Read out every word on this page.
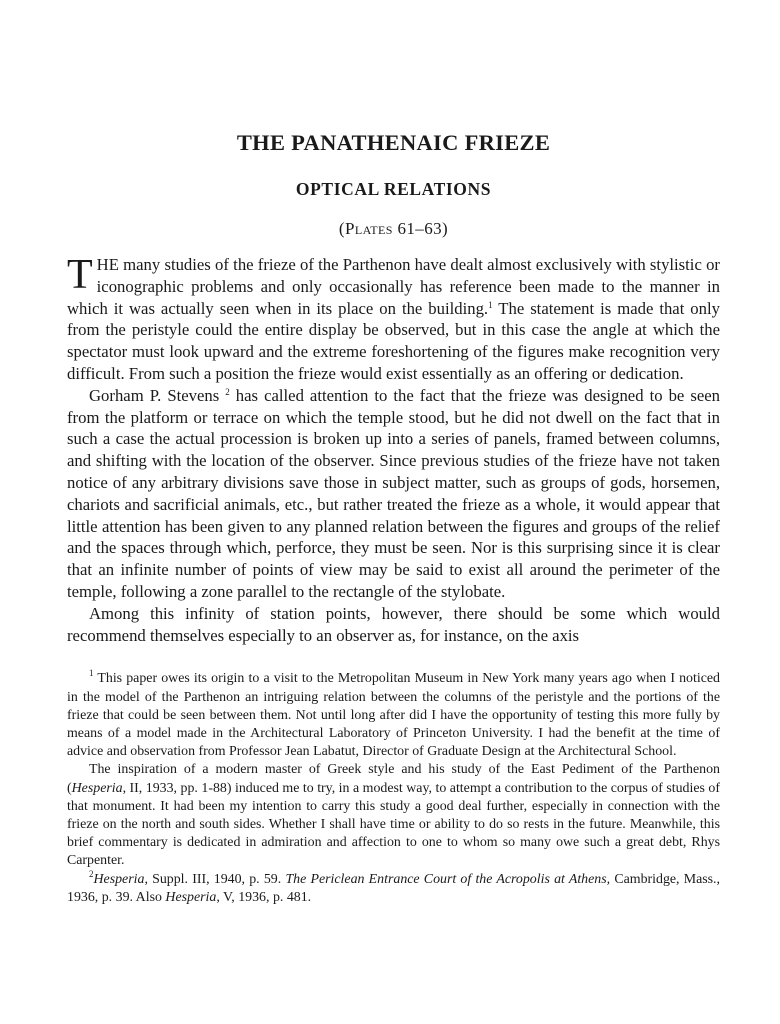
THE PANATHENAIC FRIEZE
OPTICAL RELATIONS
(Plates 61–63)

THE many studies of the frieze of the Parthenon have dealt almost exclusively with stylistic or iconographic problems and only occasionally has reference been made to the manner in which it was actually seen when in its place on the building.$^1$ The statement is made that only from the peristyle could the entire display be observed, but in this case the angle at which the spectator must look upward and the extreme foreshortening of the figures make recognition very difficult. From such a position the frieze would exist essentially as an offering or dedication.

Gorham P. Stevens $^2$ has called attention to the fact that the frieze was designed to be seen from the platform or terrace on which the temple stood, but he did not dwell on the fact that in such a case the actual procession is broken up into a series of panels, framed between columns, and shifting with the location of the observer. Since previous studies of the frieze have not taken notice of any arbitrary divisions save those in subject matter, such as groups of gods, horsemen, chariots and sacrificial animals, etc., but rather treated the frieze as a whole, it would appear that little attention has been given to any planned relation between the figures and groups of the relief and the spaces through which, perforce, they must be seen. Nor is this surprising since it is clear that an infinite number of points of view may be said to exist all around the perimeter of the temple, following a zone parallel to the rectangle of the stylobate.

Among this infinity of station points, however, there should be some which would recommend themselves especially to an observer as, for instance, on the axis

$^1$ This paper owes its origin to a visit to the Metropolitan Museum in New York many years ago when I noticed in the model of the Parthenon an intriguing relation between the columns of the peristyle and the portions of the frieze that could be seen between them. Not until long after did I have the opportunity of testing this more fully by means of a model made in the Architectural Laboratory of Princeton University. I had the benefit at the time of advice and observation from Professor Jean Labatut, Director of Graduate Design at the Architectural School.

The inspiration of a modern master of Greek style and his study of the East Pediment of the Parthenon (Hesperia, II, 1933, pp. 1-88) induced me to try, in a modest way, to attempt a contribution to the corpus of studies of that monument. It had been my intention to carry this study a good deal further, especially in connection with the frieze on the north and south sides. Whether I shall have time or ability to do so rests in the future. Meanwhile, this brief commentary is dedicated in admiration and affection to one to whom so many owe such a great debt, Rhys Carpenter.

$^2$Hesperia, Suppl. III, 1940, p. 59. The Periclean Entrance Court of the Acropolis at Athens, Cambridge, Mass., 1936, p. 39. Also Hesperia, V, 1936, p. 481.
